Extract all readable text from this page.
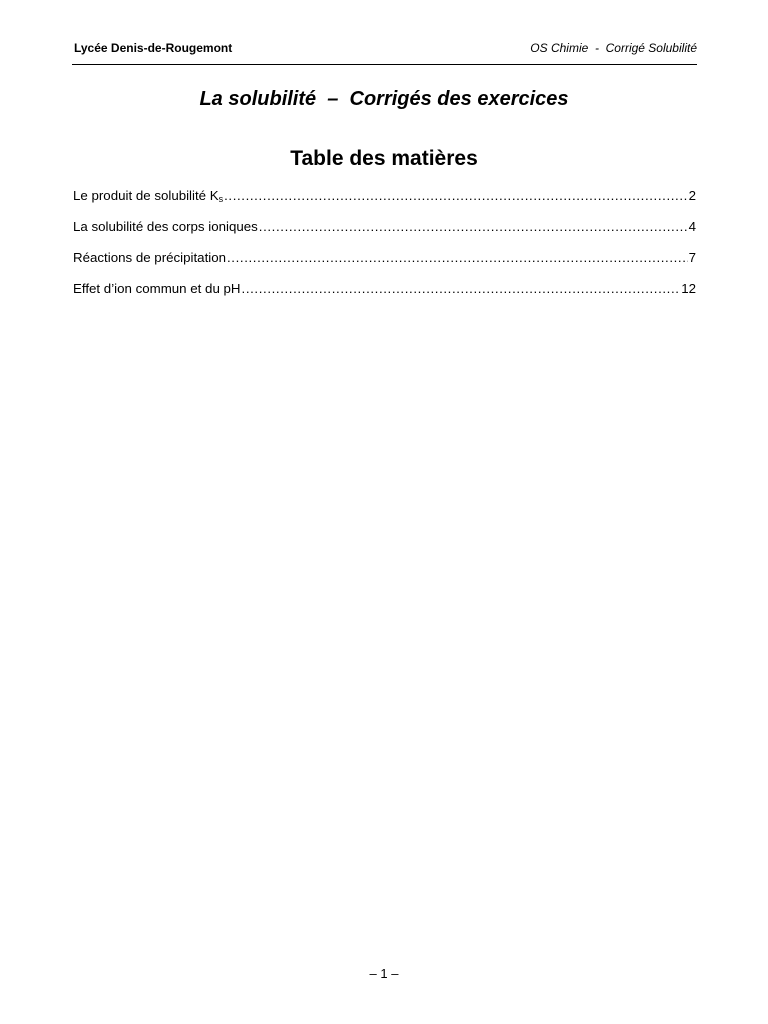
Lycée Denis-de-Rougemont	OS Chimie  -  Corrigé Solubilité
La solubilité  –  Corrigés des exercices
Table des matières
Le produit de solubilité $K_s$ .....	2
La solubilité des corps ioniques .....	4
Réactions de précipitation .....	7
Effet d’ion commun et du pH .....	12
– 1 –
